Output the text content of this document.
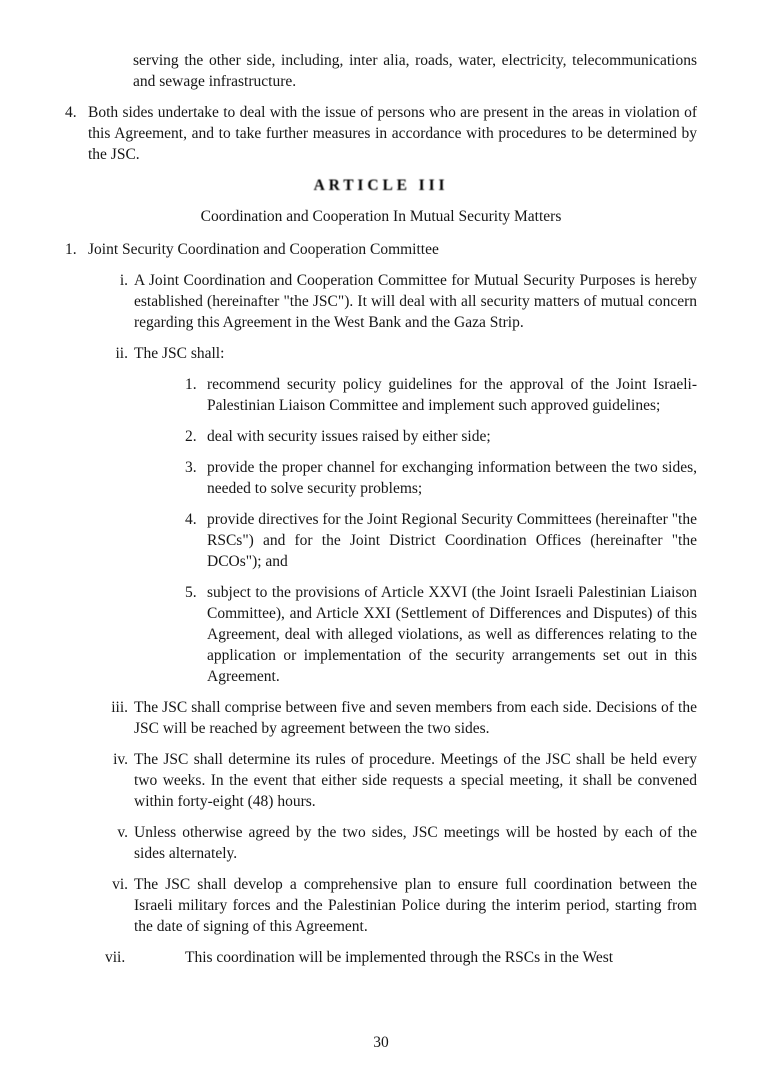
serving the other side, including, inter alia, roads, water, electricity, telecommunications and sewage infrastructure.

4. Both sides undertake to deal with the issue of persons who are present in the areas in violation of this Agreement, and to take further measures in accordance with procedures to be determined by the JSC.

ARTICLE III
Coordination and Cooperation In Mutual Security Matters
1. Joint Security Coordination and Cooperation Committee

i. A Joint Coordination and Cooperation Committee for Mutual Security Purposes is hereby established (hereinafter "the JSC"). It will deal with all security matters of mutual concern regarding this Agreement in the West Bank and the Gaza Strip.

ii. The JSC shall:

1. recommend security policy guidelines for the approval of the Joint Israeli-Palestinian Liaison Committee and implement such approved guidelines;

2. deal with security issues raised by either side;

3. provide the proper channel for exchanging information between the two sides, needed to solve security problems;

4. provide directives for the Joint Regional Security Committees (hereinafter "the RSCs") and for the Joint District Coordination Offices (hereinafter "the DCOs"); and

5. subject to the provisions of Article XXVI (the Joint Israeli Palestinian Liaison Committee), and Article XXI (Settlement of Differences and Disputes) of this Agreement, deal with alleged violations, as well as differences relating to the application or implementation of the security arrangements set out in this Agreement.

iii. The JSC shall comprise between five and seven members from each side. Decisions of the JSC will be reached by agreement between the two sides.

iv. The JSC shall determine its rules of procedure. Meetings of the JSC shall be held every two weeks. In the event that either side requests a special meeting, it shall be convened within forty-eight (48) hours.

v. Unless otherwise agreed by the two sides, JSC meetings will be hosted by each of the sides alternately.

vi. The JSC shall develop a comprehensive plan to ensure full coordination between the Israeli military forces and the Palestinian Police during the interim period, starting from the date of signing of this Agreement.

vii.	This coordination will be implemented through the RSCs in the West

30
